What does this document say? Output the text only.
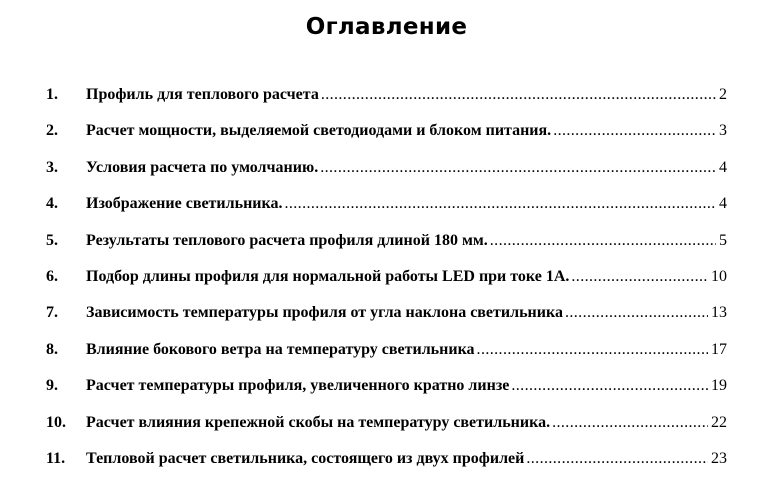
Оглавление
1. Профиль для теплового расчета .....	2
2. Расчет мощности, выделяемой светодиодами и блоком питания. .....	3
3. Условия расчета по умолчанию. .....	4
4. Изображение светильника. .....	4
5. Результаты теплового расчета профиля длиной 180 мм. .....	5
6. Подбор длины профиля для нормальной работы LED при токе 1А. .....	10
7. Зависимость температуры профиля от угла наклона светильника .....	13
8. Влияние бокового ветра на температуру светильника .....	17
9. Расчет температуры профиля, увеличенного кратно линзе .....	19
10. Расчет влияния крепежной скобы на температуру светильника. .....	22
11. Тепловой расчет светильника, состоящего из двух профилей .....	23
